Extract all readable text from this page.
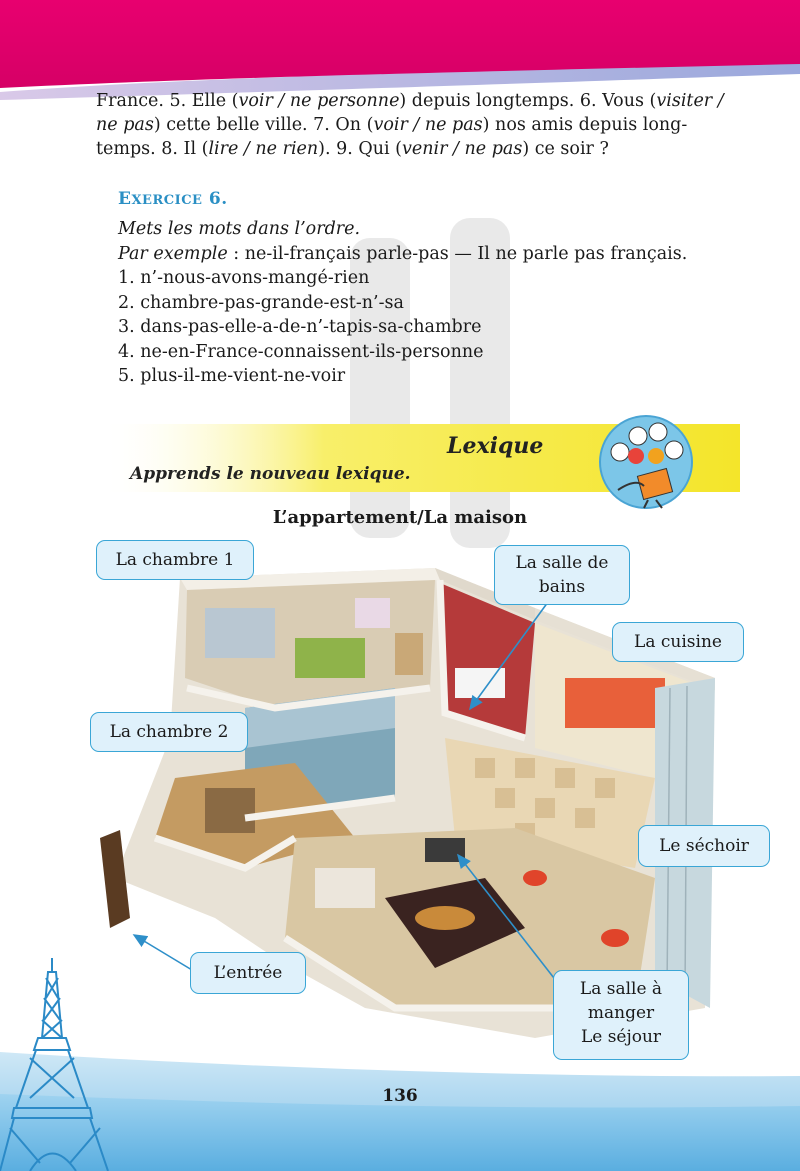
France. 5. Elle (voir / ne personne) depuis longtemps. 6. Vous (visiter /
ne pas) cette belle ville. 7. On (voir / ne pas) nos amis depuis long-
temps. 8. Il (lire / ne rien). 9. Qui (venir / ne pas) ce soir ?
EXERCICE 6.
Mets les mots dans l’ordre.
Par exemple : ne-il-français parle-pas — Il ne parle pas français.
1. n’-nous-avons-mangé-rien
2. chambre-pas-grande-est-n’-sa
3. dans-pas-elle-a-de-n’-tapis-sa-chambre
4. ne-en-France-connaissent-ils-personne
5. plus-il-me-vient-ne-voir
Lexique
Apprends le nouveau lexique.
L’appartement/La maison
La chambre 1	La salle de
bains
La cuisine
La chambre 2
Le séchoir
L’entrée
La salle à
manger
Le séjour
136
